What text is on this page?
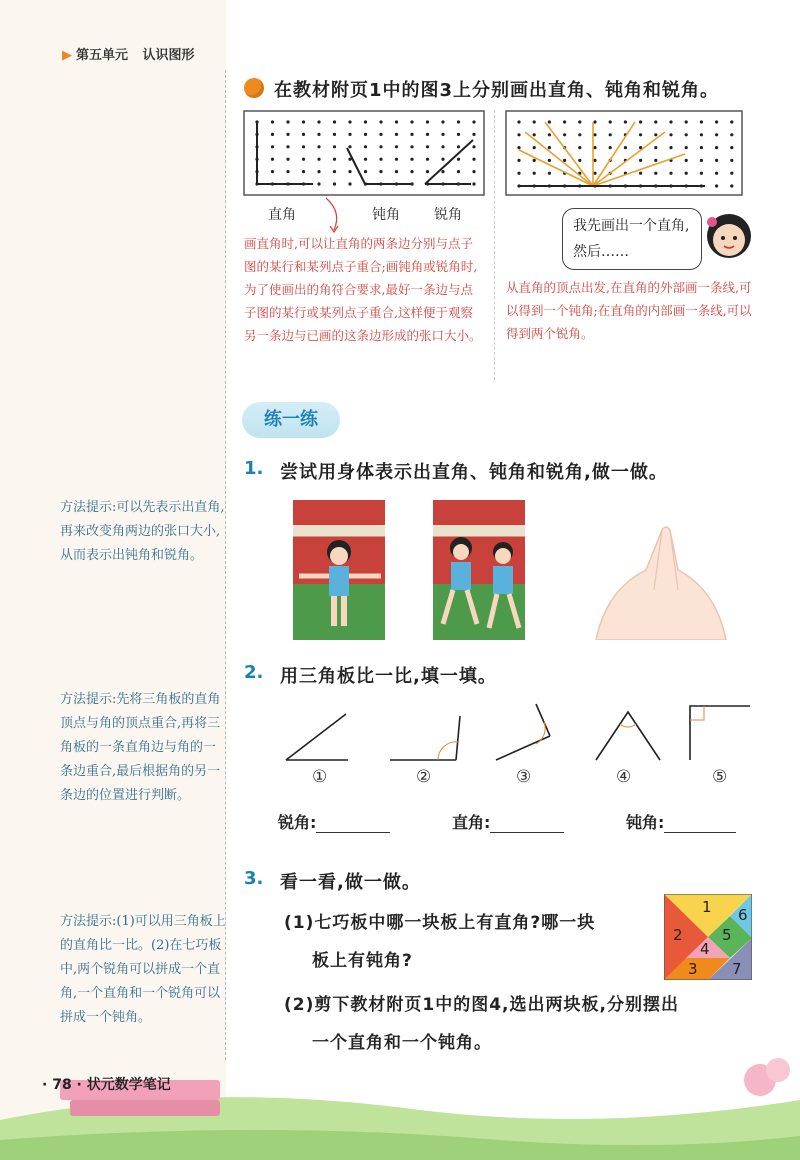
▶ 第五单元 认识图形
在教材附页1中的图3上分别画出直角、钝角和锐角。
直角	钝角 锐角
画直角时,可以让直角的两条边分别与点子图的某行和某列点子重合;画钝角或锐角时,为了使画出的角符合要求,最好一条边与点子图的某行或某列点子重合,这样便于观察另一条边与已画的这条边形成的张口大小。
我先画出一个直角,然后……
从直角的顶点出发,在直角的外部画一条线,可以得到一个钝角;在直角的内部画一条线,可以得到两个锐角。
练一练
1. 尝试用身体表示出直角、钝角和锐角,做一做。
2. 用三角板比一比,填一填。
①	②	③	④	⑤
锐角:	直角:	钝角:
3. 看一看,做一做。
(1)七巧板中哪一块板上有直角?哪一块
板上有钝角?
(2)剪下教材附页1中的图4,选出两块板,分别摆出
一个直角和一个钝角。
1
2
3
4
5
6
7
方法提示:可以先表示出直角,再来改变角两边的张口大小,从而表示出钝角和锐角。
方法提示:先将三角板的直角顶点与角的顶点重合,再将三角板的一条直角边与角的一条边重合,最后根据角的另一条边的位置进行判断。
方法提示:(1)可以用三角板上的直角比一比。(2)在七巧板中,两个锐角可以拼成一个直角,一个直角和一个锐角可以拼成一个钝角。
· 78 · 状元数学笔记
